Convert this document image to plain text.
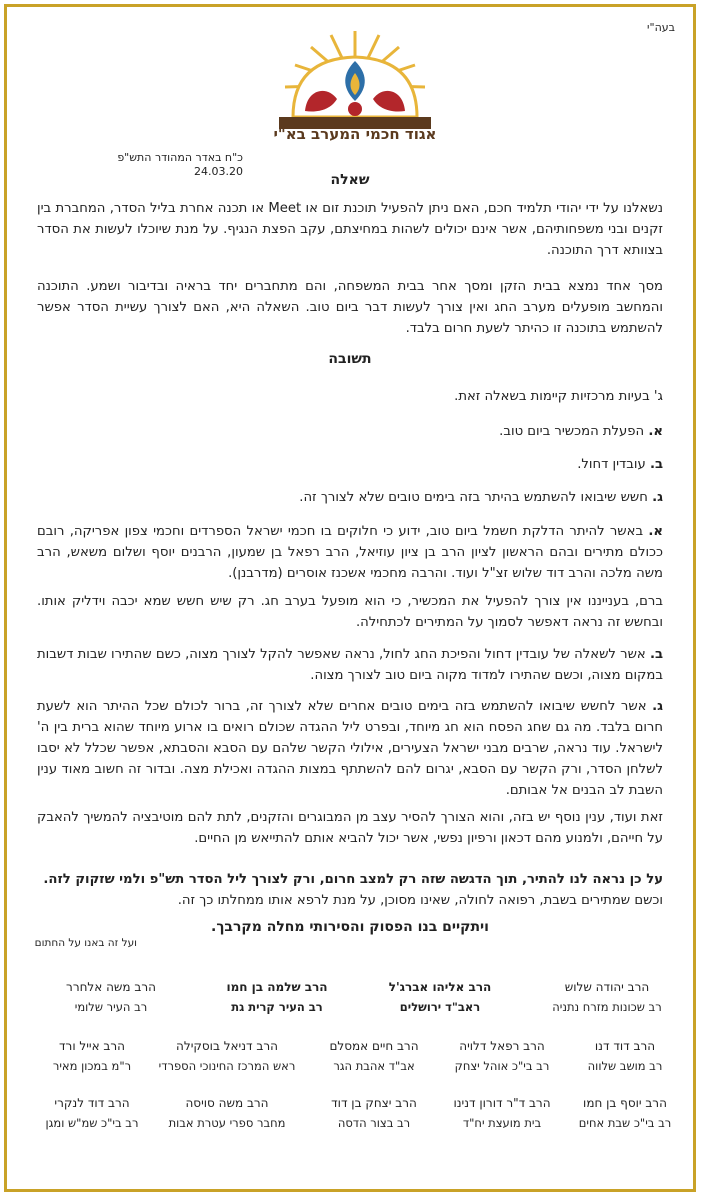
בעה"י
אגוד חכמי המערב בא"י
כ"ח באדר המהודר התש"פ
24.03.20
שאלה
נשאלנו על ידי יהודי תלמיד חכם, האם ניתן להפעיל תוכנת זום או Meet או תכנה אחרת בליל הסדר, המחברת בין זקנים ובני משפחותיהם, אשר אינם יכולים לשהות במחיצתם, עקב הפצת הנגיף. על מנת שיוכלו לעשות את הסדר בצוותא דרך התוכנה.
מסך אחד נמצא בבית הזקן ומסך אחר בבית המשפחה, והם מתחברים יחד בראיה ובדיבור ושמע. התוכנה והמחשב מופעלים מערב החג ואין צורך לעשות דבר ביום טוב. השאלה היא, האם לצורך עשיית הסדר אפשר להשתמש בתוכנה זו כהיתר לשעת חרום בלבד.
תשובה
ג' בעיות מרכזיות קיימות בשאלה זאת.
א. הפעלת המכשיר ביום טוב.
ב. עובדין דחול.
ג. חשש שיבואו להשתמש בהיתר בזה בימים טובים שלא לצורך זה.
א. באשר להיתר הדלקת חשמל ביום טוב, ידוע כי חלוקים בו חכמי ישראל הספרדים וחכמי צפון אפריקה, רובם ככולם מתירים ובהם הראשון לציון הרב בן ציון עוזיאל, הרב רפאל בן שמעון, הרבנים יוסף ושלום משאש, הרב משה מלכה והרב דוד שלוש זצ"ל ועוד. והרבה מחכמי אשכנז אוסרים (מדרבנן).
ברם, בענייננו אין צורך להפעיל את המכשיר, כי הוא מופעל בערב חג. רק שיש חשש שמא יכבה וידליק אותו. ובחשש זה נראה דאפשר לסמוך על המתירים לכתחילה.
ב. אשר לשאלה של עובדין דחול והפיכת החג לחול, נראה שאפשר להקל לצורך מצוה, כשם שהתירו שבות דשבות במקום מצוה, וכשם שהתירו למדוד מקוה ביום טוב לצורך מצוה.
ג. אשר לחשש שיבואו להשתמש בזה בימים טובים אחרים שלא לצורך זה, ברור לכולם שכל ההיתר הוא לשעת חרום בלבד. מה גם שחג הפסח הוא חג מיוחד, ובפרט ליל ההגדה שכולם רואים בו ארוע מיוחד שהוא ברית בין ה' לישראל. עוד נראה, שרבים מבני ישראל הצעירים, אילולי הקשר שלהם עם הסבא והסבתא, אפשר שכלל לא יסבו לשלחן הסדר, ורק הקשר עם הסבא, יגרום להם להשתתף במצות ההגדה ואכילת מצה. ובדור זה חשוב מאוד ענין השבת לב הבנים אל אבותם.
זאת ועוד, ענין נוסף יש בזה, והוא הצורך להסיר עצב מן המבוגרים והזקנים, לתת להם מוטיבציה להמשיך להאבק על חייהם, ולמנוע מהם דכאון ורפיון נפשי, אשר יכול להביא אותם להתייאש מן החיים.
על כן נראה לנו להתיר, תוך הדגשה שזה רק למצב חרום, ורק לצורך ליל הסדר תש"פ ולמי שזקוק לזה.
וכשם שמתירים בשבת, רפואה לחולה, שאינו מסוכן, על מנת לרפא אותו ממחלתו כך זה.
ויתקיים בנו הפסוק והסירותי מחלה מקרבך.
ועל זה באנו על החתום
הרב יהודה שלוש
רב שכונות מזרח נתניה
הרב אליהו אברג'ל
ראב"ד ירושלים
הרב שלמה בן חמו
רב העיר קרית גת
הרב משה אלחרר
רב העיר שלומי
הרב דוד דנו
רב מושב שלווה
הרב רפאל דלויה
רב בי"כ אוהל יצחק
הרב חיים אמסלם
אב"ד אהבת הגר
הרב דניאל בוסקילה
ראש המרכז החינוכי הספרדי
הרב אייל ורד
ר"מ במכון מאיר
הרב יוסף בן חמו
רב בי"כ שבת אחים
הרב ד"ר דורון דנינו
בית מועצת יח"ד
הרב יצחק בן דוד
רב בצור הדסה
הרב משה סויסה
מחבר ספרי עטרת אבות
הרב דוד לנקרי
רב בי"כ שמ"ש ומגן
